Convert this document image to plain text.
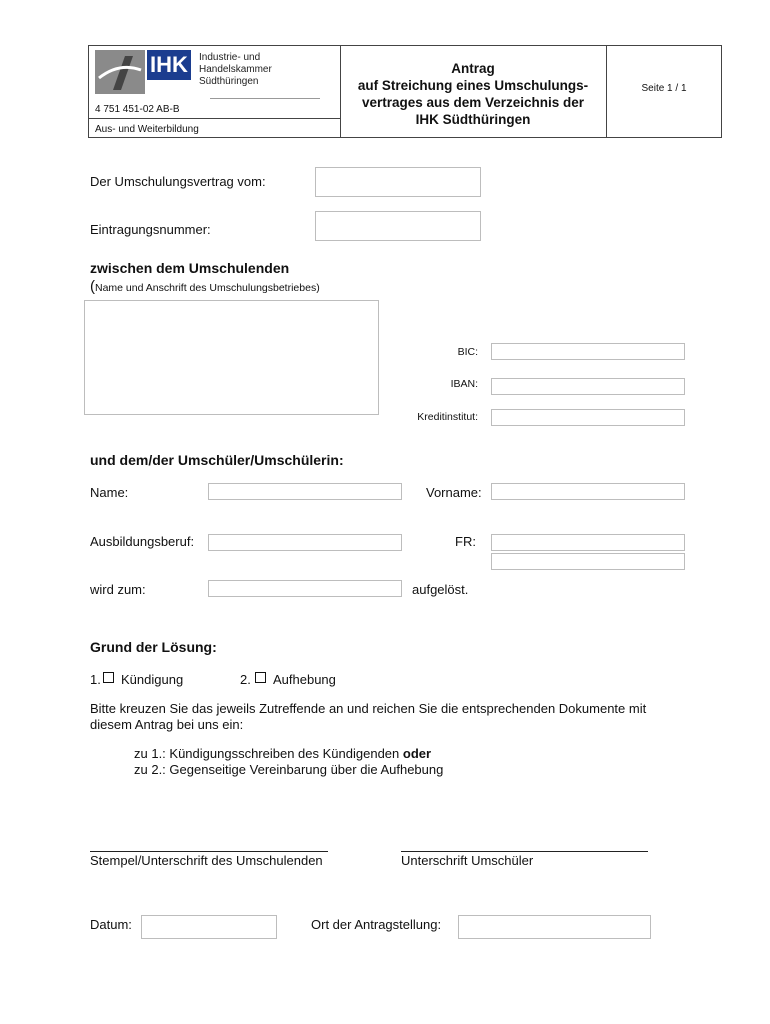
IHK	Industrie- und Handelskammer
Südthüringen
4 751 451-02 AB-B
Aus- und Weiterbildung
Antrag
auf Streichung eines Umschulungs-
vertrages aus dem Verzeichnis der
IHK Südthüringen
Seite 1 / 1
Der Umschulungsvertrag vom:
Eintragungsnummer:
zwischen dem Umschulenden
(Name und Anschrift des Umschulungsbetriebes)
BIC:
IBAN:
Kreditinstitut:
und dem/der Umschüler/Umschülerin:
Name:	Vorname:
Ausbildungsberuf:	FR:
wird zum:	aufgelöst.
Grund der Lösung:
1. Kündigung	2. Aufhebung
Bitte kreuzen Sie das jeweils Zutreffende an und reichen Sie die entsprechenden Dokumente mit diesem Antrag bei uns ein:
zu 1.: Kündigungsschreiben des Kündigenden oder
zu 2.: Gegenseitige Vereinbarung über die Aufhebung
Stempel/Unterschrift des Umschulenden	Unterschrift Umschüler
Datum:	Ort der Antragstellung:
